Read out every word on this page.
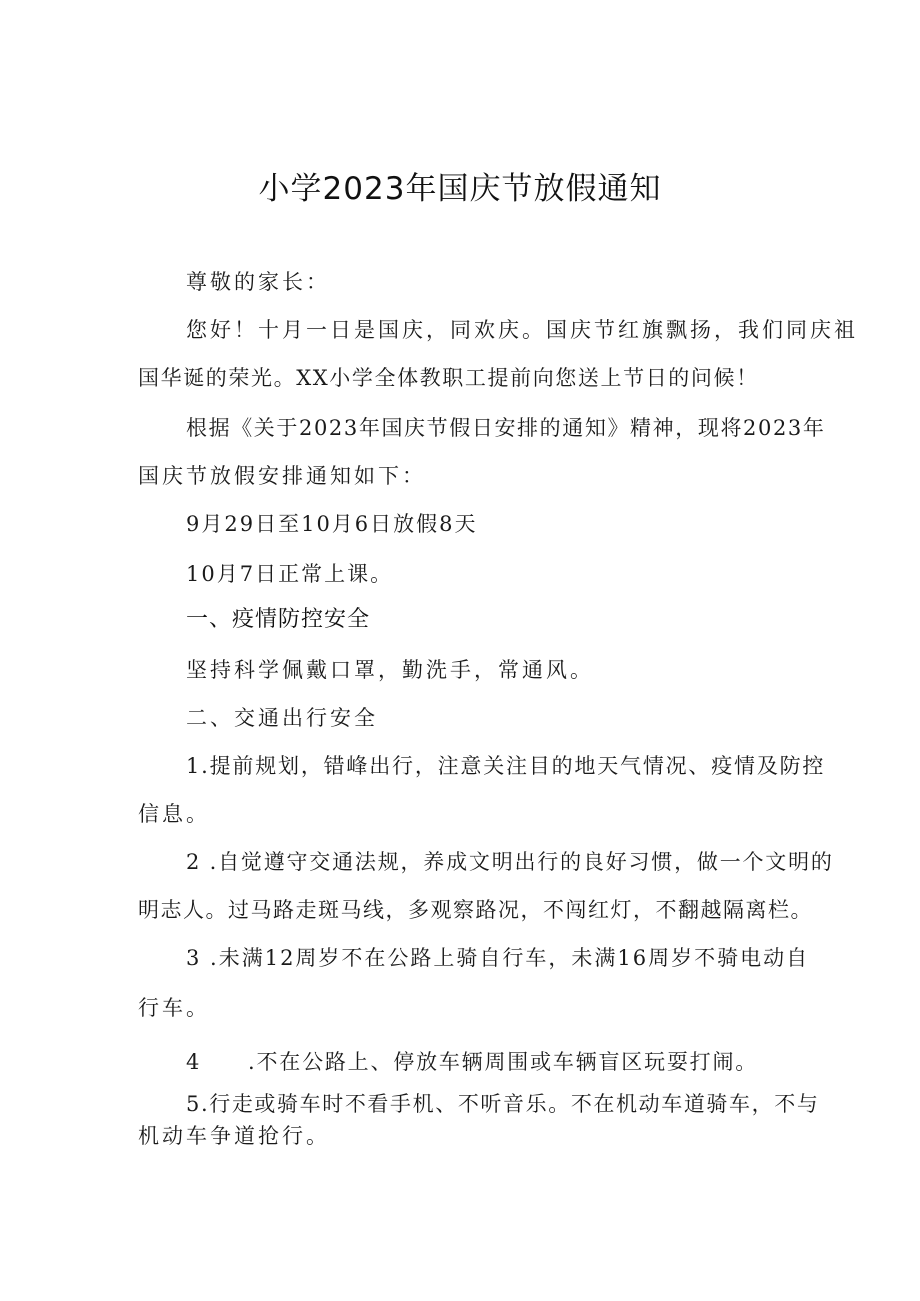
小学2023年国庆节放假通知
尊敬的家长：
您好！十月一日是国庆，同欢庆。国庆节红旗飘扬，我们同庆祖
国华诞的荣光。XX小学全体教职工提前向您送上节日的问候！
根据《关于2023年国庆节假日安排的通知》精神，现将2023年
国庆节放假安排通知如下：
9月29日至10月6日放假8天
10月7日正常上课。
一、疫情防控安全
坚持科学佩戴口罩，勤洗手，常通风。
二、交通出行安全
1.提前规划，错峰出行，注意关注目的地天气情况、疫情及防控
信息。
2 .自觉遵守交通法规，养成文明出行的良好习惯，做一个文明的
明志人。过马路走斑马线，多观察路况，不闯红灯，不翻越隔离栏。
3 .未满12周岁不在公路上骑自行车，未满16周岁不骑电动自
行车。
4 .不在公路上、停放车辆周围或车辆盲区玩耍打闹。
5.行走或骑车时不看手机、不听音乐。不在机动车道骑车，不与
机动车争道抢行。
